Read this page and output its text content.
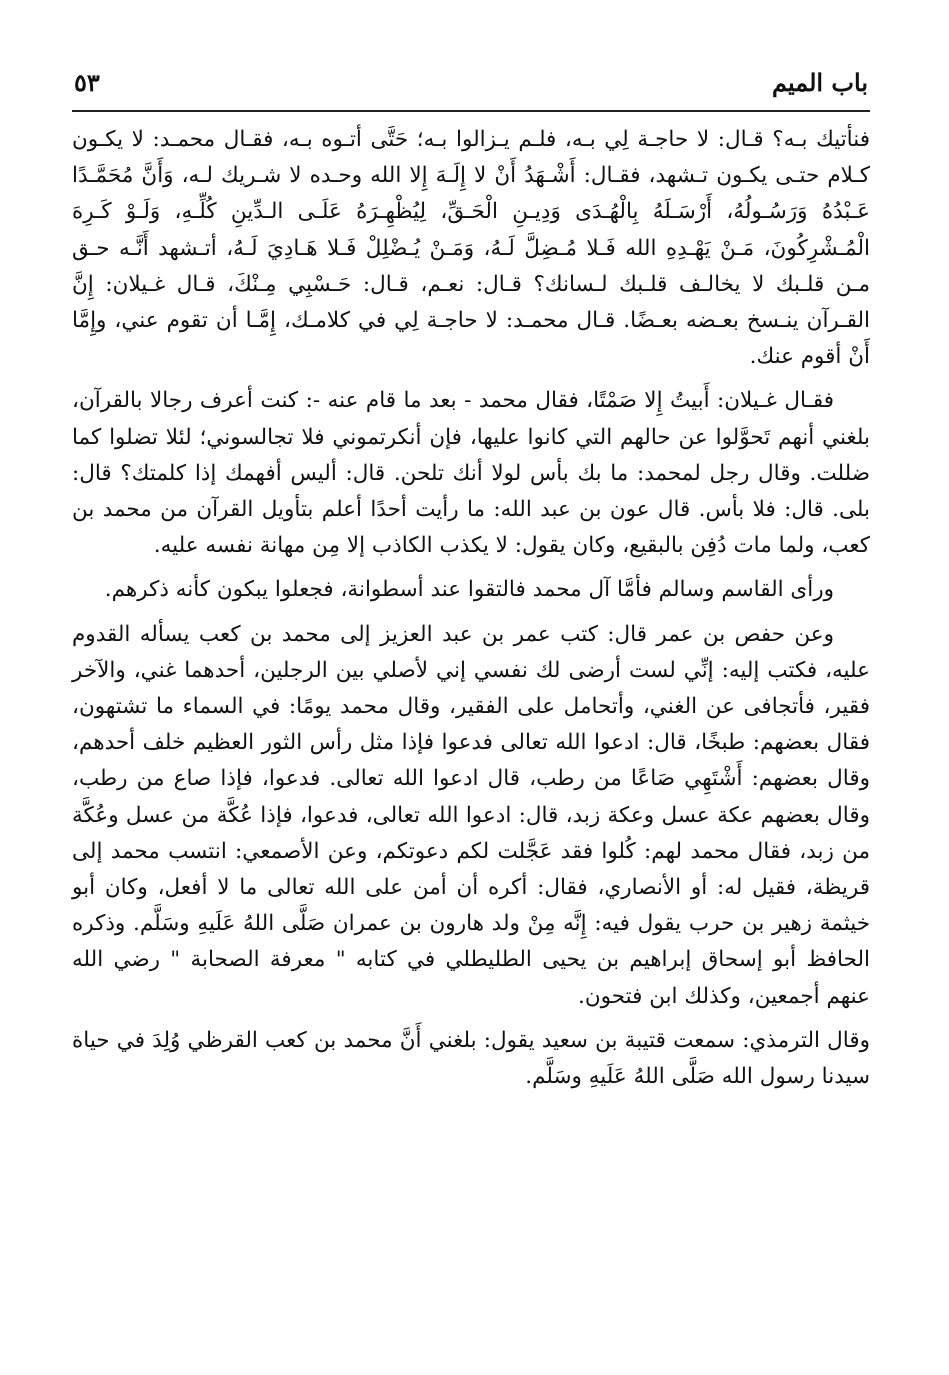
باب الميم
٥٣

فنأتيك بـه؟ قـال: لا حاجـة لِي بـه، فلـم يـزالوا بـه؛ حَتَّى أتـوه بـه، فقـال محمـد: لا يكـون كـلام حتـى يكـون تـشهد، فقـال: أَشْـهَدُ أَنْ لا إِلَـهَ إِلا الله وحـده لا شـريك لـه، وَأَنَّ مُحَمَّـدًا عَـبْدُهُ وَرَسُـولُهُ، أَرْسَـلَهُ بِالْهُـدَى وَدِيـنِ الْحَـقِّ، لِيُظْهِـرَهُ عَلَـى الـدِّينِ كُلِّـهِ، وَلَـوْ كَـرِهَ الْمُـشْرِكُونَ، مَـنْ يَهْـدِهِ الله فَـلا مُـضِلَّ لَـهُ، وَمَـنْ يُـضْلِلْ فَـلا هَـادِيَ لَـهُ، أتـشهد أَنَّـه حـق مـن قلـبك لا يخالـف قلـبك لـسانك؟ قـال: نعـم، قـال: حَـسْبِي مِـنْكَ، قـال غـيلان: إِنَّ القـرآن ينـسخ بعـضه بعـضًا. قـال محمـد: لا حاجـة لِي في كلامـك، إِمَّـا أن تقوم عني، وإِمَّا أَنْ أقوم عنك.

فقـال غـيلان: أَبيتُ إِلا صَمْتًا، فقال محمد - بعد ما قام عنه -: كنت أعرف رجالا بالقرآن، بلغني أنهم تَحوَّلوا عن حالهم التي كانوا عليها، فإن أنكرتموني فلا تجالسوني؛ لئلا تضلوا كما ضللت. وقال رجل لمحمد: ما بك بأس لولا أنك تلحن. قال: أليس أفهمك إذا كلمتك؟ قال: بلى. قال: فلا بأس. قال عون بن عبد الله: ما رأيت أحدًا أعلم بتأويل القرآن من محمد بن كعب، ولما مات دُفِن بالبقيع، وكان يقول: لا يكذب الكاذب إلا مِن مهانة نفسه عليه.

ورأى القاسم وسالم فأمَّا آل محمد فالتقوا عند أسطوانة، فجعلوا يبكون كأنه ذكرهم.

وعن حفص بن عمر قال: كتب عمر بن عبد العزيز إلى محمد بن كعب يسأله القدوم عليه، فكتب إليه: إنِّي لست أرضى لك نفسي إني لأصلي بين الرجلين، أحدهما غني، والآخر فقير، فأتجافى عن الغني، وأتحامل على الفقير، وقال محمد يومًا: في السماء ما تشتهون، فقال بعضهم: طبخًا، قال: ادعوا الله تعالى فدعوا فإذا مثل رأس الثور العظيم خلف أحدهم، وقال بعضهم: أَشْتَهِي صَاعًا من رطب، قال ادعوا الله تعالى. فدعوا، فإذا صاع من رطب، وقال بعضهم عكة عسل وعكة زبد، قال: ادعوا الله تعالى، فدعوا، فإذا عُكَّة من عسل وعُكَّة من زبد، فقال محمد لهم: كُلوا فقد عَجَّلت لكم دعوتكم، وعن الأصمعي: انتسب محمد إلى قريظة، فقيل له: أو الأنصاري، فقال: أكره أن أمن على الله تعالى ما لا أفعل، وكان أبو خيثمة زهير بن حرب يقول فيه: إِنَّه مِنْ ولد هارون بن عمران صَلَّى اللهُ عَلَيهِ وسَلَّم. وذكره الحافظ أبو إسحاق إبراهيم بن يحيى الطليطلي في كتابه " معرفة الصحابة " رضي الله عنهم أجمعين، وكذلك ابن فتحون.

وقال الترمذي: سمعت قتيبة بن سعيد يقول: بلغني أَنَّ محمد بن كعب القرظي وُلِدَ في حياة سيدنا رسول الله صَلَّى اللهُ عَلَيهِ وسَلَّم.
